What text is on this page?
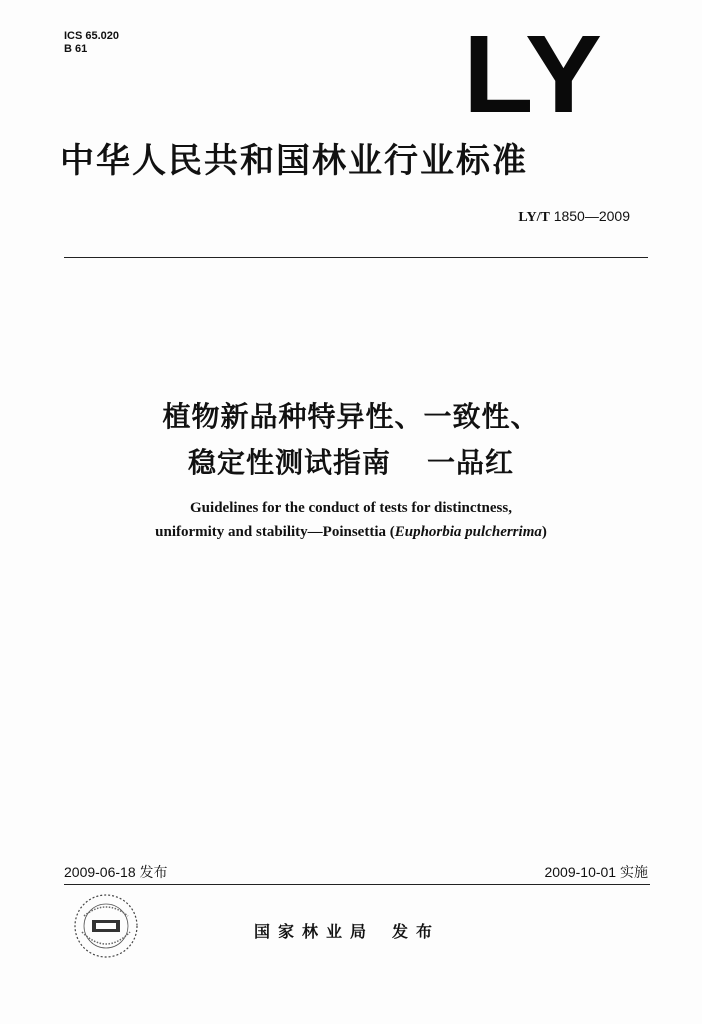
ICS 65.020
B 61	LY
中华人民共和国林业行业标准
LY/T 1850—2009
植物新品种特异性、一致性、
稳定性测试指南 一品红
Guidelines for the conduct of tests for distinctness,
uniformity and stability—Poinsettia (Euphorbia pulcherrima)
2009-06-18 发布	2009-10-01 实施
国家林业局 发布
